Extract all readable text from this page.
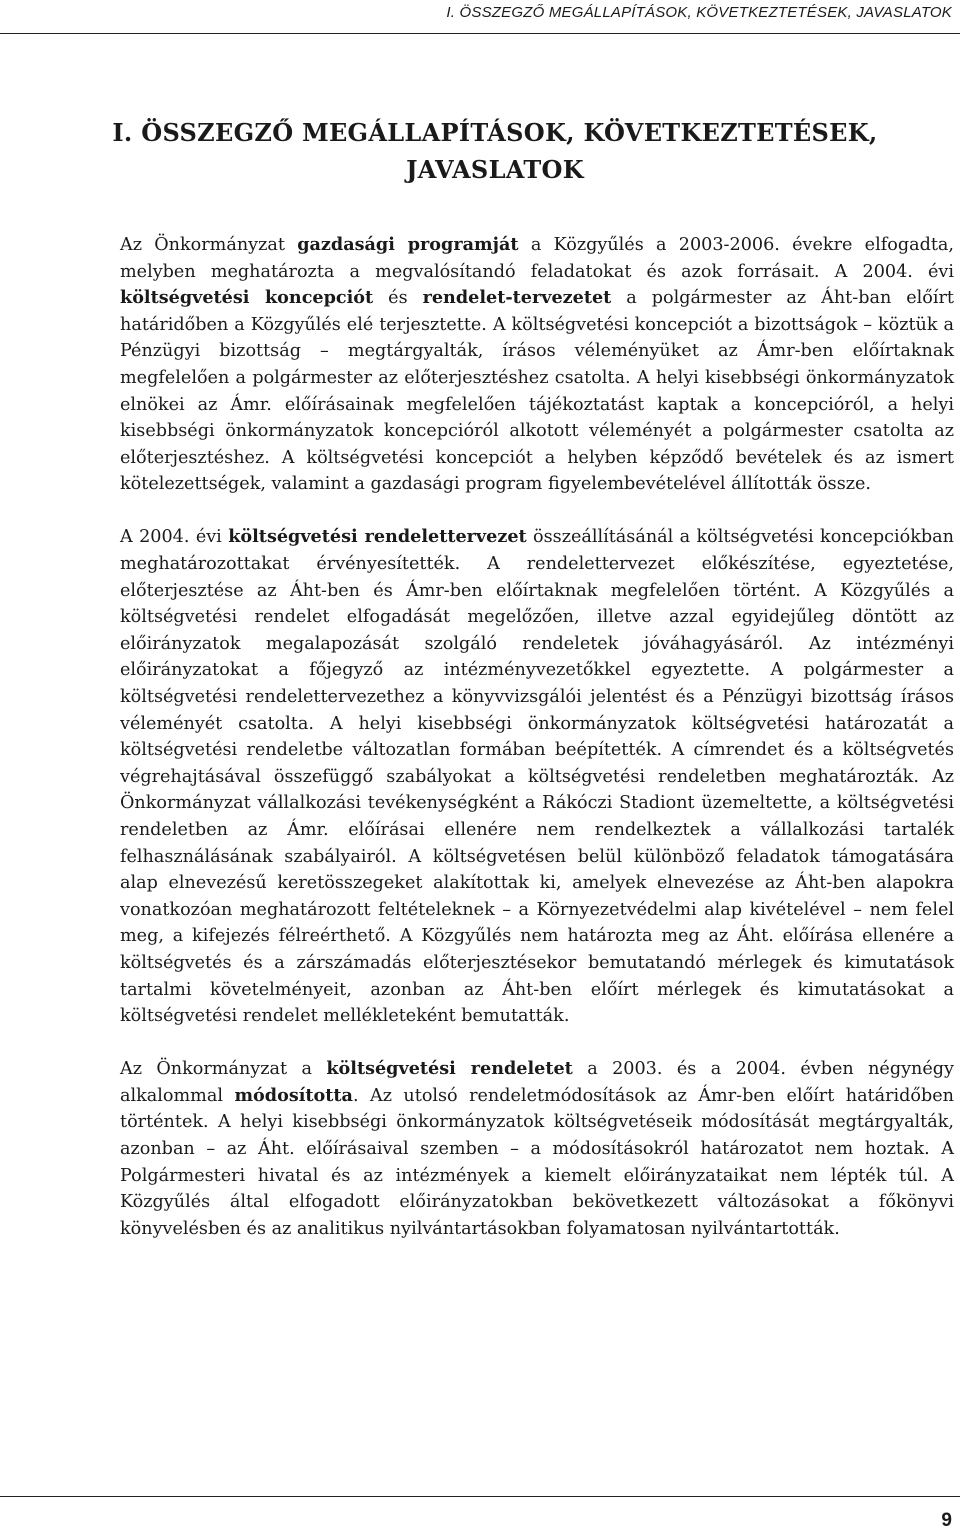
I. ÖSSZEGZŐ MEGÁLLAPÍTÁSOK, KÖVETKEZTETÉSEK, JAVASLATOK
I. ÖSSZEGZŐ MEGÁLLAPÍTÁSOK, KÖVETKEZTETÉSEK,
JAVASLATOK

Az Önkormányzat gazdasági programját a Közgyűlés a 2003-2006. évekre elfogadta, melyben meghatározta a megvalósítandó feladatokat és azok forrásait. A 2004. évi költségvetési koncepciót és rendelet-tervezetet a polgármester az Áht-ban előírt határidőben a Közgyűlés elé terjesztette. A költségvetési koncepciót a bizottságok – köztük a Pénzügyi bizottság – megtárgyalták, írásos véleményüket az Ámr-ben előírtaknak megfelelően a polgármester az előterjesztéshez csatolta. A helyi kisebbségi önkormányzatok elnökei az Ámr. előírásainak megfelelően tájékoztatást kaptak a koncepcióról, a helyi kisebbségi önkormányzatok koncepcióról alkotott véleményét a polgármester csatolta az előterjesztéshez. A költségvetési koncepciót a helyben képződő bevételek és az ismert kötelezettségek, valamint a gazdasági program figyelembevételével állították össze.

A 2004. évi költségvetési rendelettervezet összeállításánál a költségvetési koncepciókban meghatározottakat érvényesítették. A rendelettervezet előkészítése, egyeztetése, előterjesztése az Áht-ben és Ámr-ben előírtaknak megfelelően történt. A Közgyűlés a költségvetési rendelet elfogadását megelőzően, illetve azzal egyidejűleg döntött az előirányzatok megalapozását szolgáló rendeletek jóváhagyásáról. Az intézményi előirányzatokat a főjegyző az intézményvezetőkkel egyeztette. A polgármester a költségvetési rendelettervezethez a könyvvizsgálói jelentést és a Pénzügyi bizottság írásos véleményét csatolta. A helyi kisebbségi önkormányzatok költségvetési határozatát a költségvetési rendeletbe változatlan formában beépítették. A címrendet és a költségvetés végrehajtásával összefüggő szabályokat a költségvetési rendeletben meghatározták. Az Önkormányzat vállalkozási tevékenységként a Rákóczi Stadiont üzemeltette, a költségvetési rendeletben az Ámr. előírásai ellenére nem rendelkeztek a vállalkozási tartalék felhasználásának szabályairól. A költségvetésen belül különböző feladatok támogatására alap elnevezésű keretösszegeket alakítottak ki, amelyek elnevezése az Áht-ben alapokra vonatkozóan meghatározott feltételeknek – a Környezetvédelmi alap kivételével – nem felel meg, a kifejezés félreérthető. A Közgyűlés nem határozta meg az Áht. előírása ellenére a költségvetés és a zárszámadás előterjesztésekor bemutatandó mérlegek és kimutatások tartalmi követelményeit, azonban az Áht-ben előírt mérlegek és kimutatásokat a költségvetési rendelet mellékleteként bemutatták.

Az Önkormányzat a költségvetési rendeletet a 2003. és a 2004. évben négynégy alkalommal módosította. Az utolsó rendeletmódosítások az Ámr-ben előírt határidőben történtek. A helyi kisebbségi önkormányzatok költségvetéseik módosítását megtárgyalták, azonban – az Áht. előírásaival szemben – a módosításokról határozatot nem hoztak. A Polgármesteri hivatal és az intézmények a kiemelt előirányzataikat nem lépték túl. A Közgyűlés által elfogadott előirányzatokban bekövetkezett változásokat a főkönyvi könyvelésben és az analitikus nyilvántartásokban folyamatosan nyilvántartották.

9
